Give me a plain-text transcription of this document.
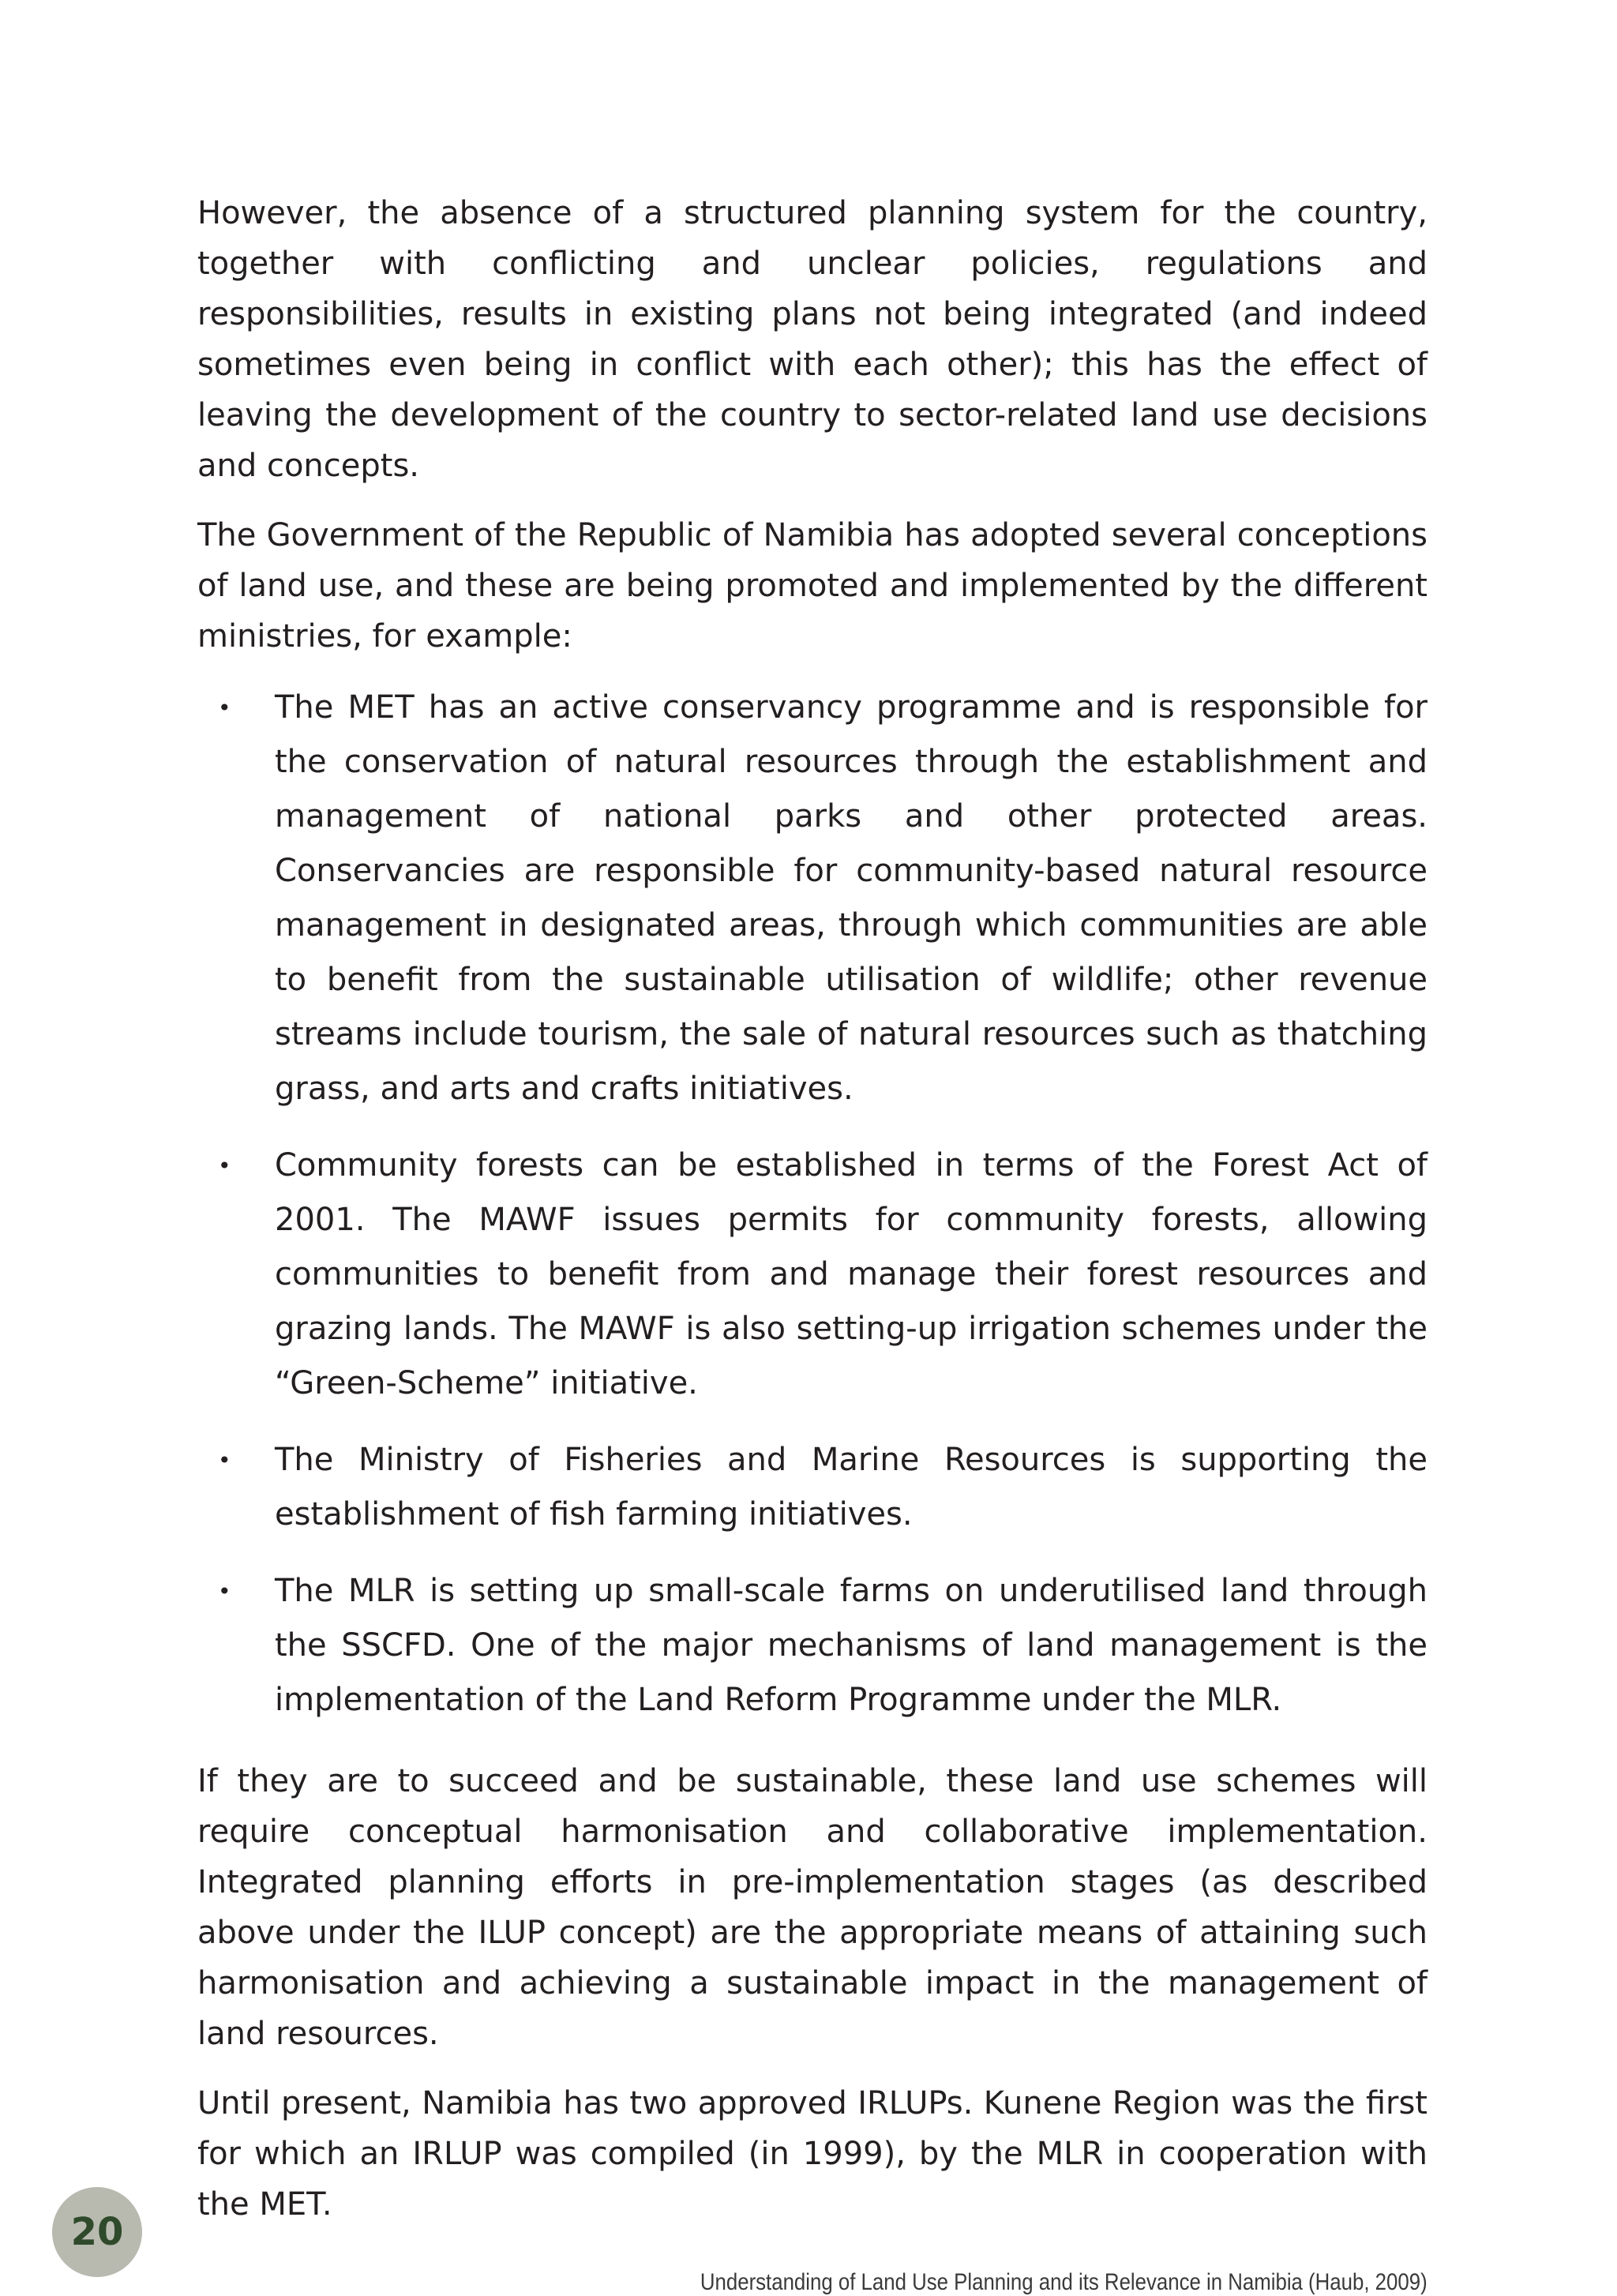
However, the absence of a structured planning system for the country, together with conflicting and unclear policies, regulations and responsibilities, results in existing plans not being integrated (and indeed sometimes even being in conflict with each other); this has the effect of leaving the development of the country to sector-related land use decisions and concepts.

The Government of the Republic of Namibia has adopted several conceptions of land use, and these are being promoted and implemented by the different ministries, for example:

• The MET has an active conservancy programme and is responsible for the conservation of natural resources through the establishment and management of national parks and other protected areas. Conservancies are responsible for community-based natural resource management in designated areas, through which communities are able to benefit from the sustainable utilisation of wildlife; other revenue streams include tourism, the sale of natural resources such as thatching grass, and arts and crafts initiatives.
• Community forests can be established in terms of the Forest Act of 2001. The MAWF issues permits for community forests, allowing communities to benefit from and manage their forest resources and grazing lands. The MAWF is also setting-up irrigation schemes under the “Green-Scheme” initiative.
• The Ministry of Fisheries and Marine Resources is supporting the establishment of fish farming initiatives.
• The MLR is setting up small-scale farms on underutilised land through the SSCFD. One of the major mechanisms of land management is the implementation of the Land Reform Programme under the MLR.

If they are to succeed and be sustainable, these land use schemes will require conceptual harmonisation and collaborative implementation. Integrated planning efforts in pre-implementation stages (as described above under the ILUP concept) are the appropriate means of attaining such harmonisation and achieving a sustainable impact in the management of land resources.

Until present, Namibia has two approved IRLUPs. Kunene Region was the first for which an IRLUP was compiled (in 1999), by the MLR in cooperation with the MET.

20
Understanding of Land Use Planning and its Relevance in Namibia (Haub, 2009)
